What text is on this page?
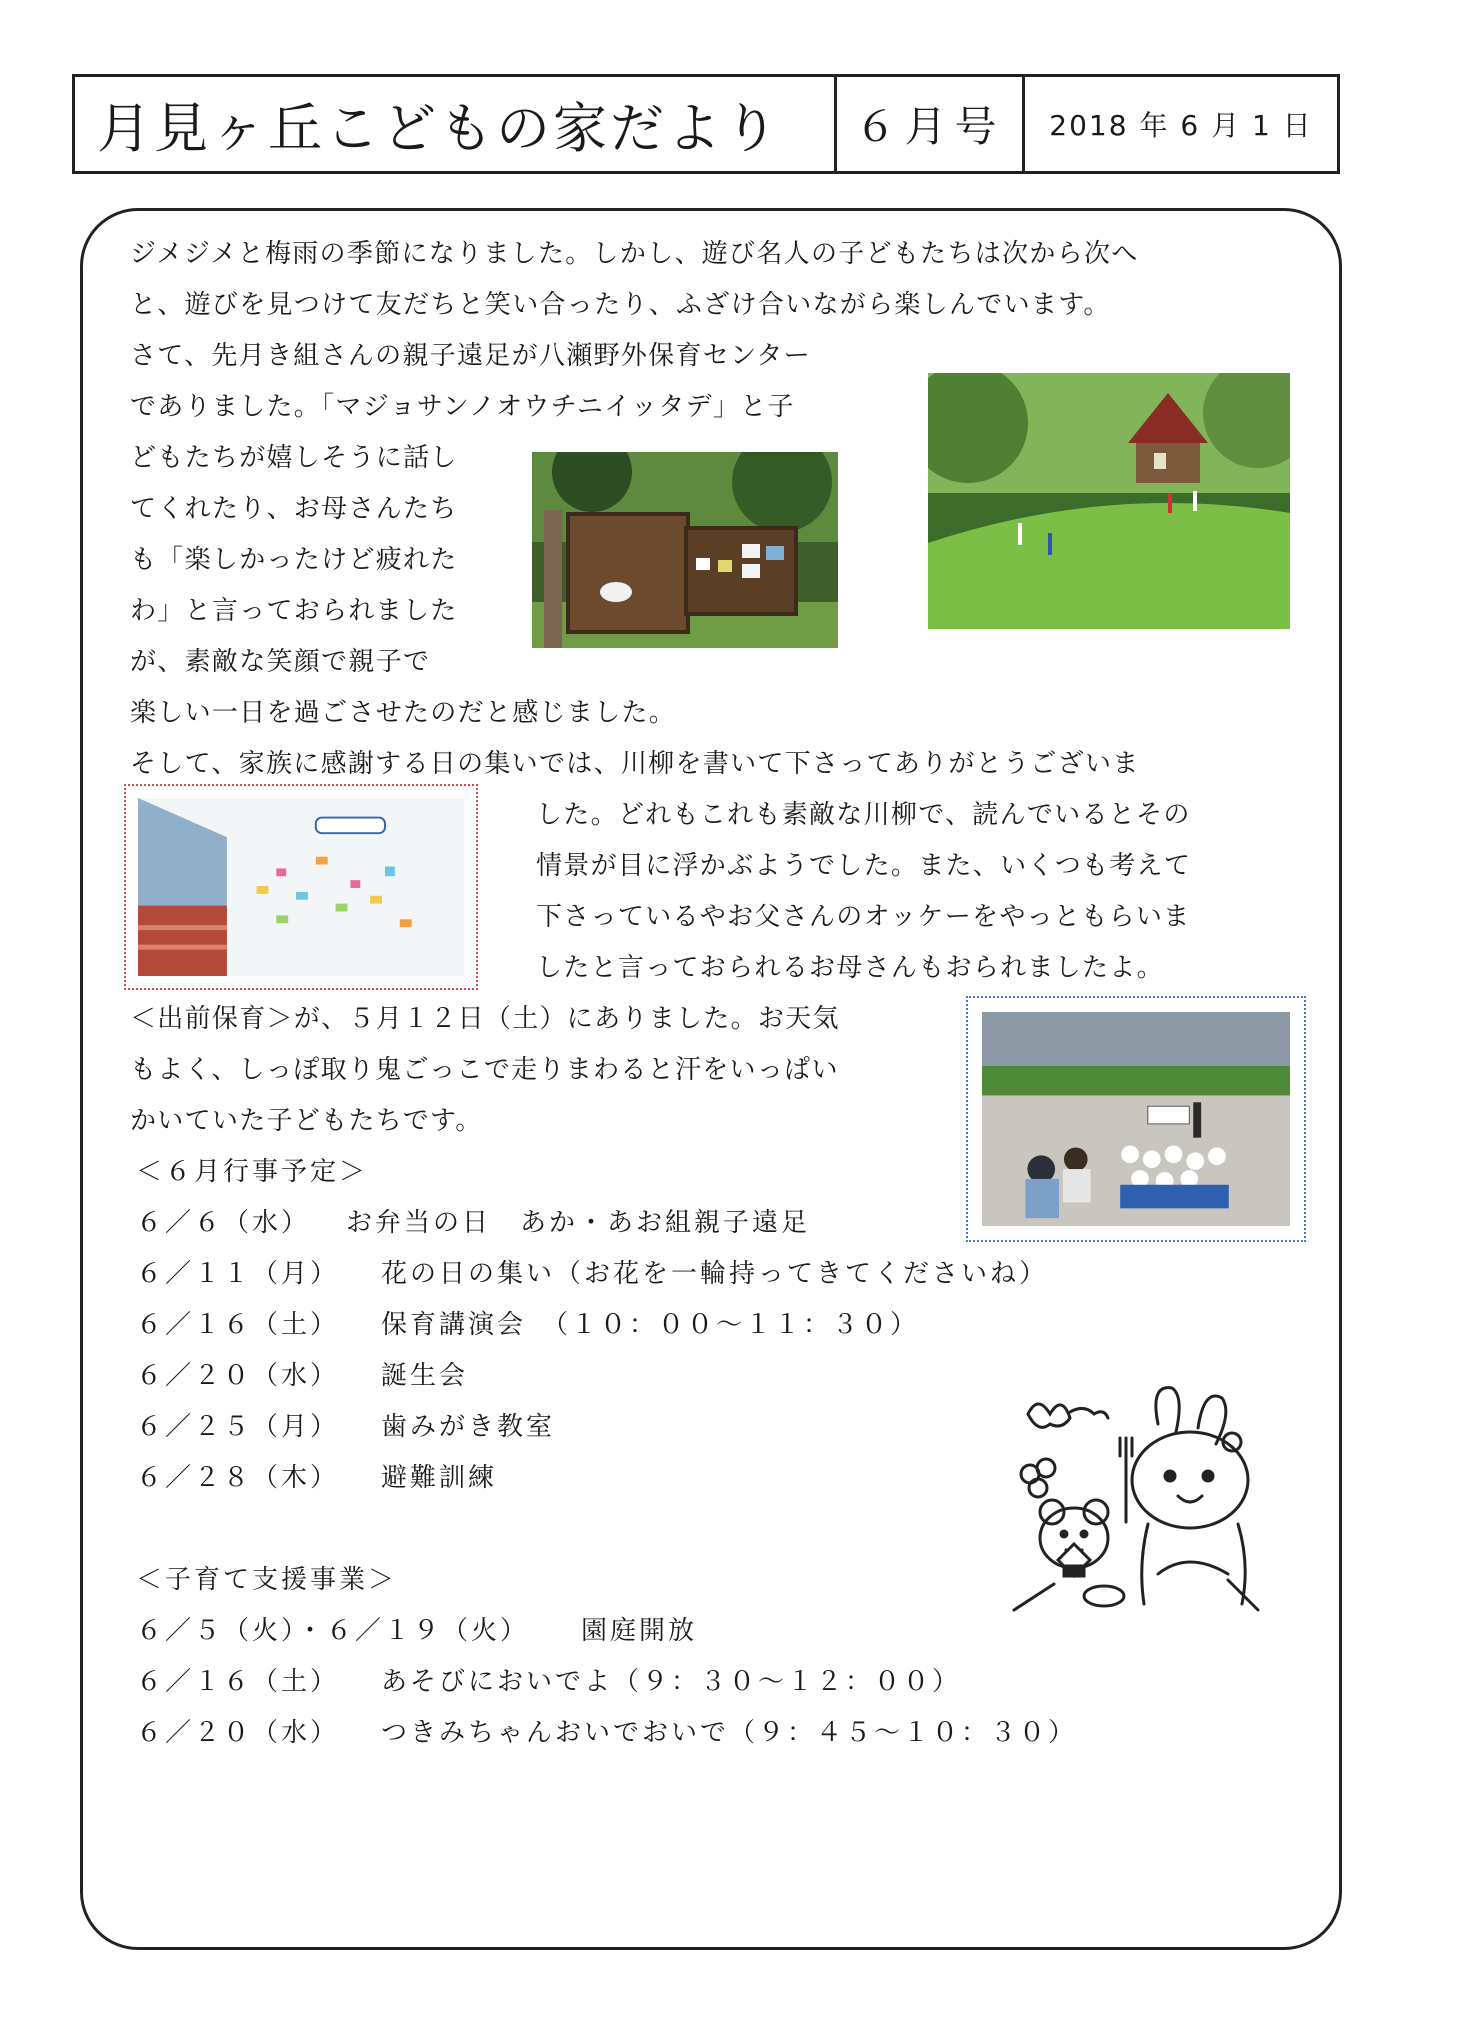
月見ヶ丘こどもの家だより	６月号	2018 年 6 月 1 日
ジメジメと梅雨の季節になりました。しかし、遊び名人の子どもたちは次から次へ
と、遊びを見つけて友だちと笑い合ったり、ふざけ合いながら楽しんでいます。
さて、先月き組さんの親子遠足が八瀬野外保育センター
でありました。「マジョサンノオウチニイッタデ」と子
どもたちが嬉しそうに話し
てくれたり、お母さんたち
も「楽しかったけど疲れた
わ」と言っておられました
が、素敵な笑顔で親子で
楽しい一日を過ごさせたのだと感じました。
そして、家族に感謝する日の集いでは、川柳を書いて下さってありがとうございま
した。どれもこれも素敵な川柳で、読んでいるとその
情景が目に浮かぶようでした。また、いくつも考えて
下さっているやお父さんのオッケーをやっともらいま
したと言っておられるお母さんもおられましたよ。
＜出前保育＞が、５月１２日（土）にありました。お天気
もよく、しっぽ取り鬼ごっこで走りまわると汗をいっぱい
かいていた子どもたちです。
＜６月行事予定＞
６／６（水） お弁当の日　あか・あお組親子遠足
６／１１（月） 花の日の集い（お花を一輪持ってきてくださいね）
６／１６（土） 保育講演会　（１０：００～１１：３０）
６／２０（水） 誕生会
６／２５（月） 歯みがき教室
６／２８（木） 避難訓練
＜子育て支援事業＞
６／５（火）・６／１９（火） 園庭開放
６／１６（土） あそびにおいでよ（９：３０～１２：００）
６／２０（水） つきみちゃんおいでおいで（９：４５～１０：３０）
